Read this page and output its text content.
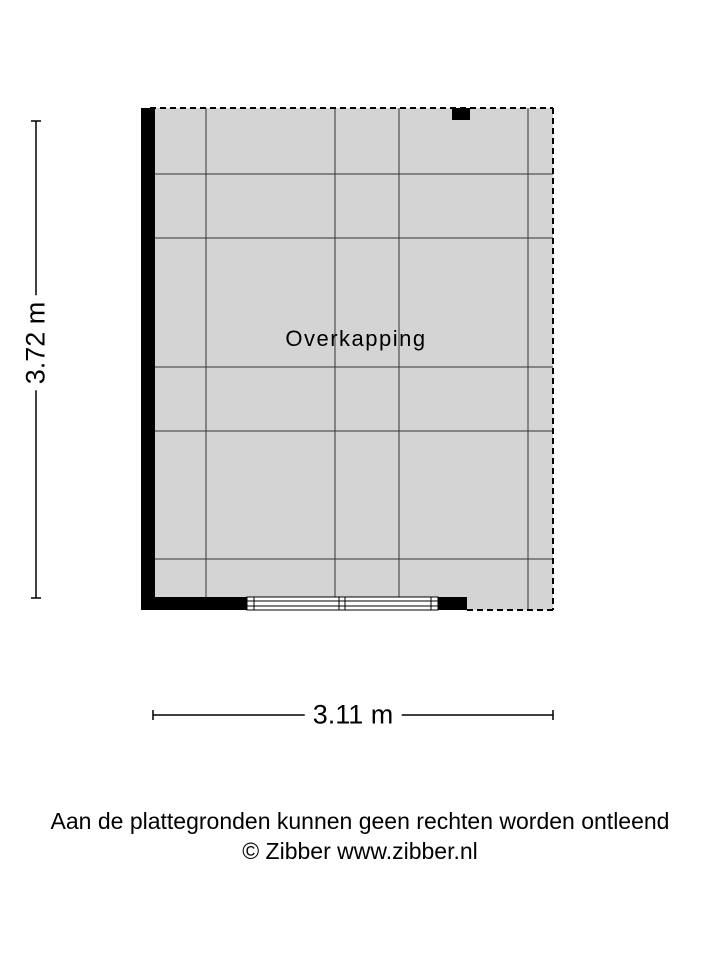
Overkapping
3.72 m
3.11 m
Aan de plattegronden kunnen geen rechten worden ontleend
© Zibber www.zibber.nl
